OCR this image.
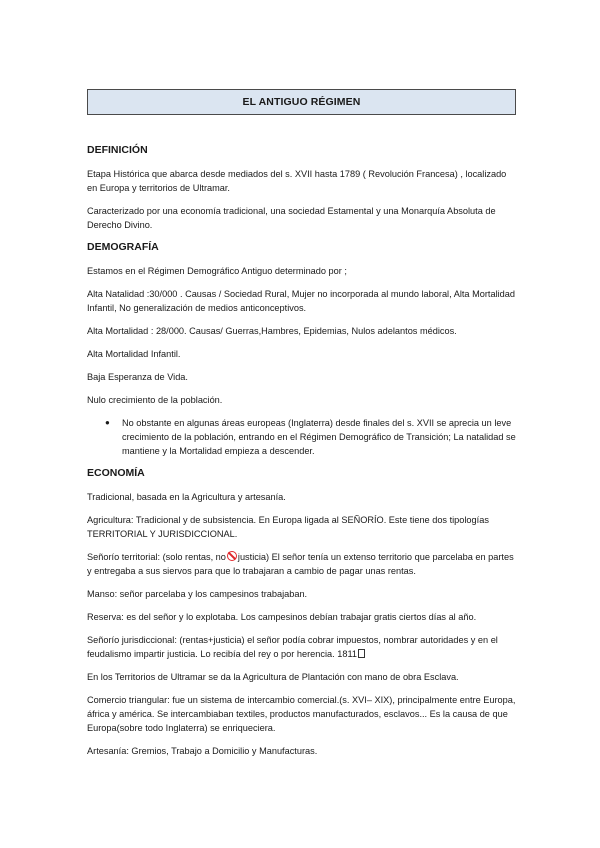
EL ANTIGUO RÉGIMEN
DEFINICIÓN

Etapa Histórica que abarca desde mediados del s. XVII hasta 1789 ( Revolución Francesa) , localizado en Europa y territorios de Ultramar.

Caracterizado por una economía tradicional, una sociedad Estamental y una Monarquía Absoluta de Derecho Divino.

DEMOGRAFÍA

Estamos en el Régimen Demográfico Antiguo determinado por ;

Alta Natalidad :30/000 . Causas / Sociedad Rural, Mujer no incorporada al mundo laboral, Alta Mortalidad Infantil, No generalización de medios anticonceptivos.

Alta Mortalidad : 28/000. Causas/ Guerras,Hambres, Epidemias, Nulos adelantos médicos.

Alta Mortalidad Infantil.

Baja Esperanza de Vida.

Nulo crecimiento de la población.

● No obstante en algunas áreas europeas (Inglaterra) desde finales del s. XVII se aprecia un leve crecimiento de la población, entrando en el Régimen Demográfico de Transición; La natalidad se mantiene y la Mortalidad empieza a descender.
ECONOMÍA

Tradicional, basada en la Agricultura y artesanía.

Agricultura: Tradicional y de subsistencia. En Europa ligada al SEÑORÍO. Este tiene dos tipologías TERRITORIAL Y JURISDICCIONAL.

Señorío territorial: (solo rentas, no justicia) El señor tenía un extenso territorio que parcelaba en partes y entregaba a sus siervos para que lo trabajaran a cambio de pagar unas rentas.

Manso: señor parcelaba y los campesinos trabajaban.

Reserva: es del señor y lo explotaba. Los campesinos debían trabajar gratis ciertos días al año.

Señorío jurisdiccional: (rentas+justicia) el señor podía cobrar impuestos, nombrar autoridades y en el feudalismo impartir justicia. Lo recibía del rey o por herencia. 1811

En los Territorios de Ultramar se da la Agricultura de Plantación con mano de obra Esclava.

Comercio triangular: fue un sistema de intercambio comercial.(s. XVI– XIX), principalmente entre Europa, áfrica y américa. Se intercambiaban textiles, productos manufacturados, esclavos... Es la causa de que Europa(sobre todo Inglaterra) se enriqueciera.

Artesanía: Gremios, Trabajo a Domicilio y Manufacturas.
